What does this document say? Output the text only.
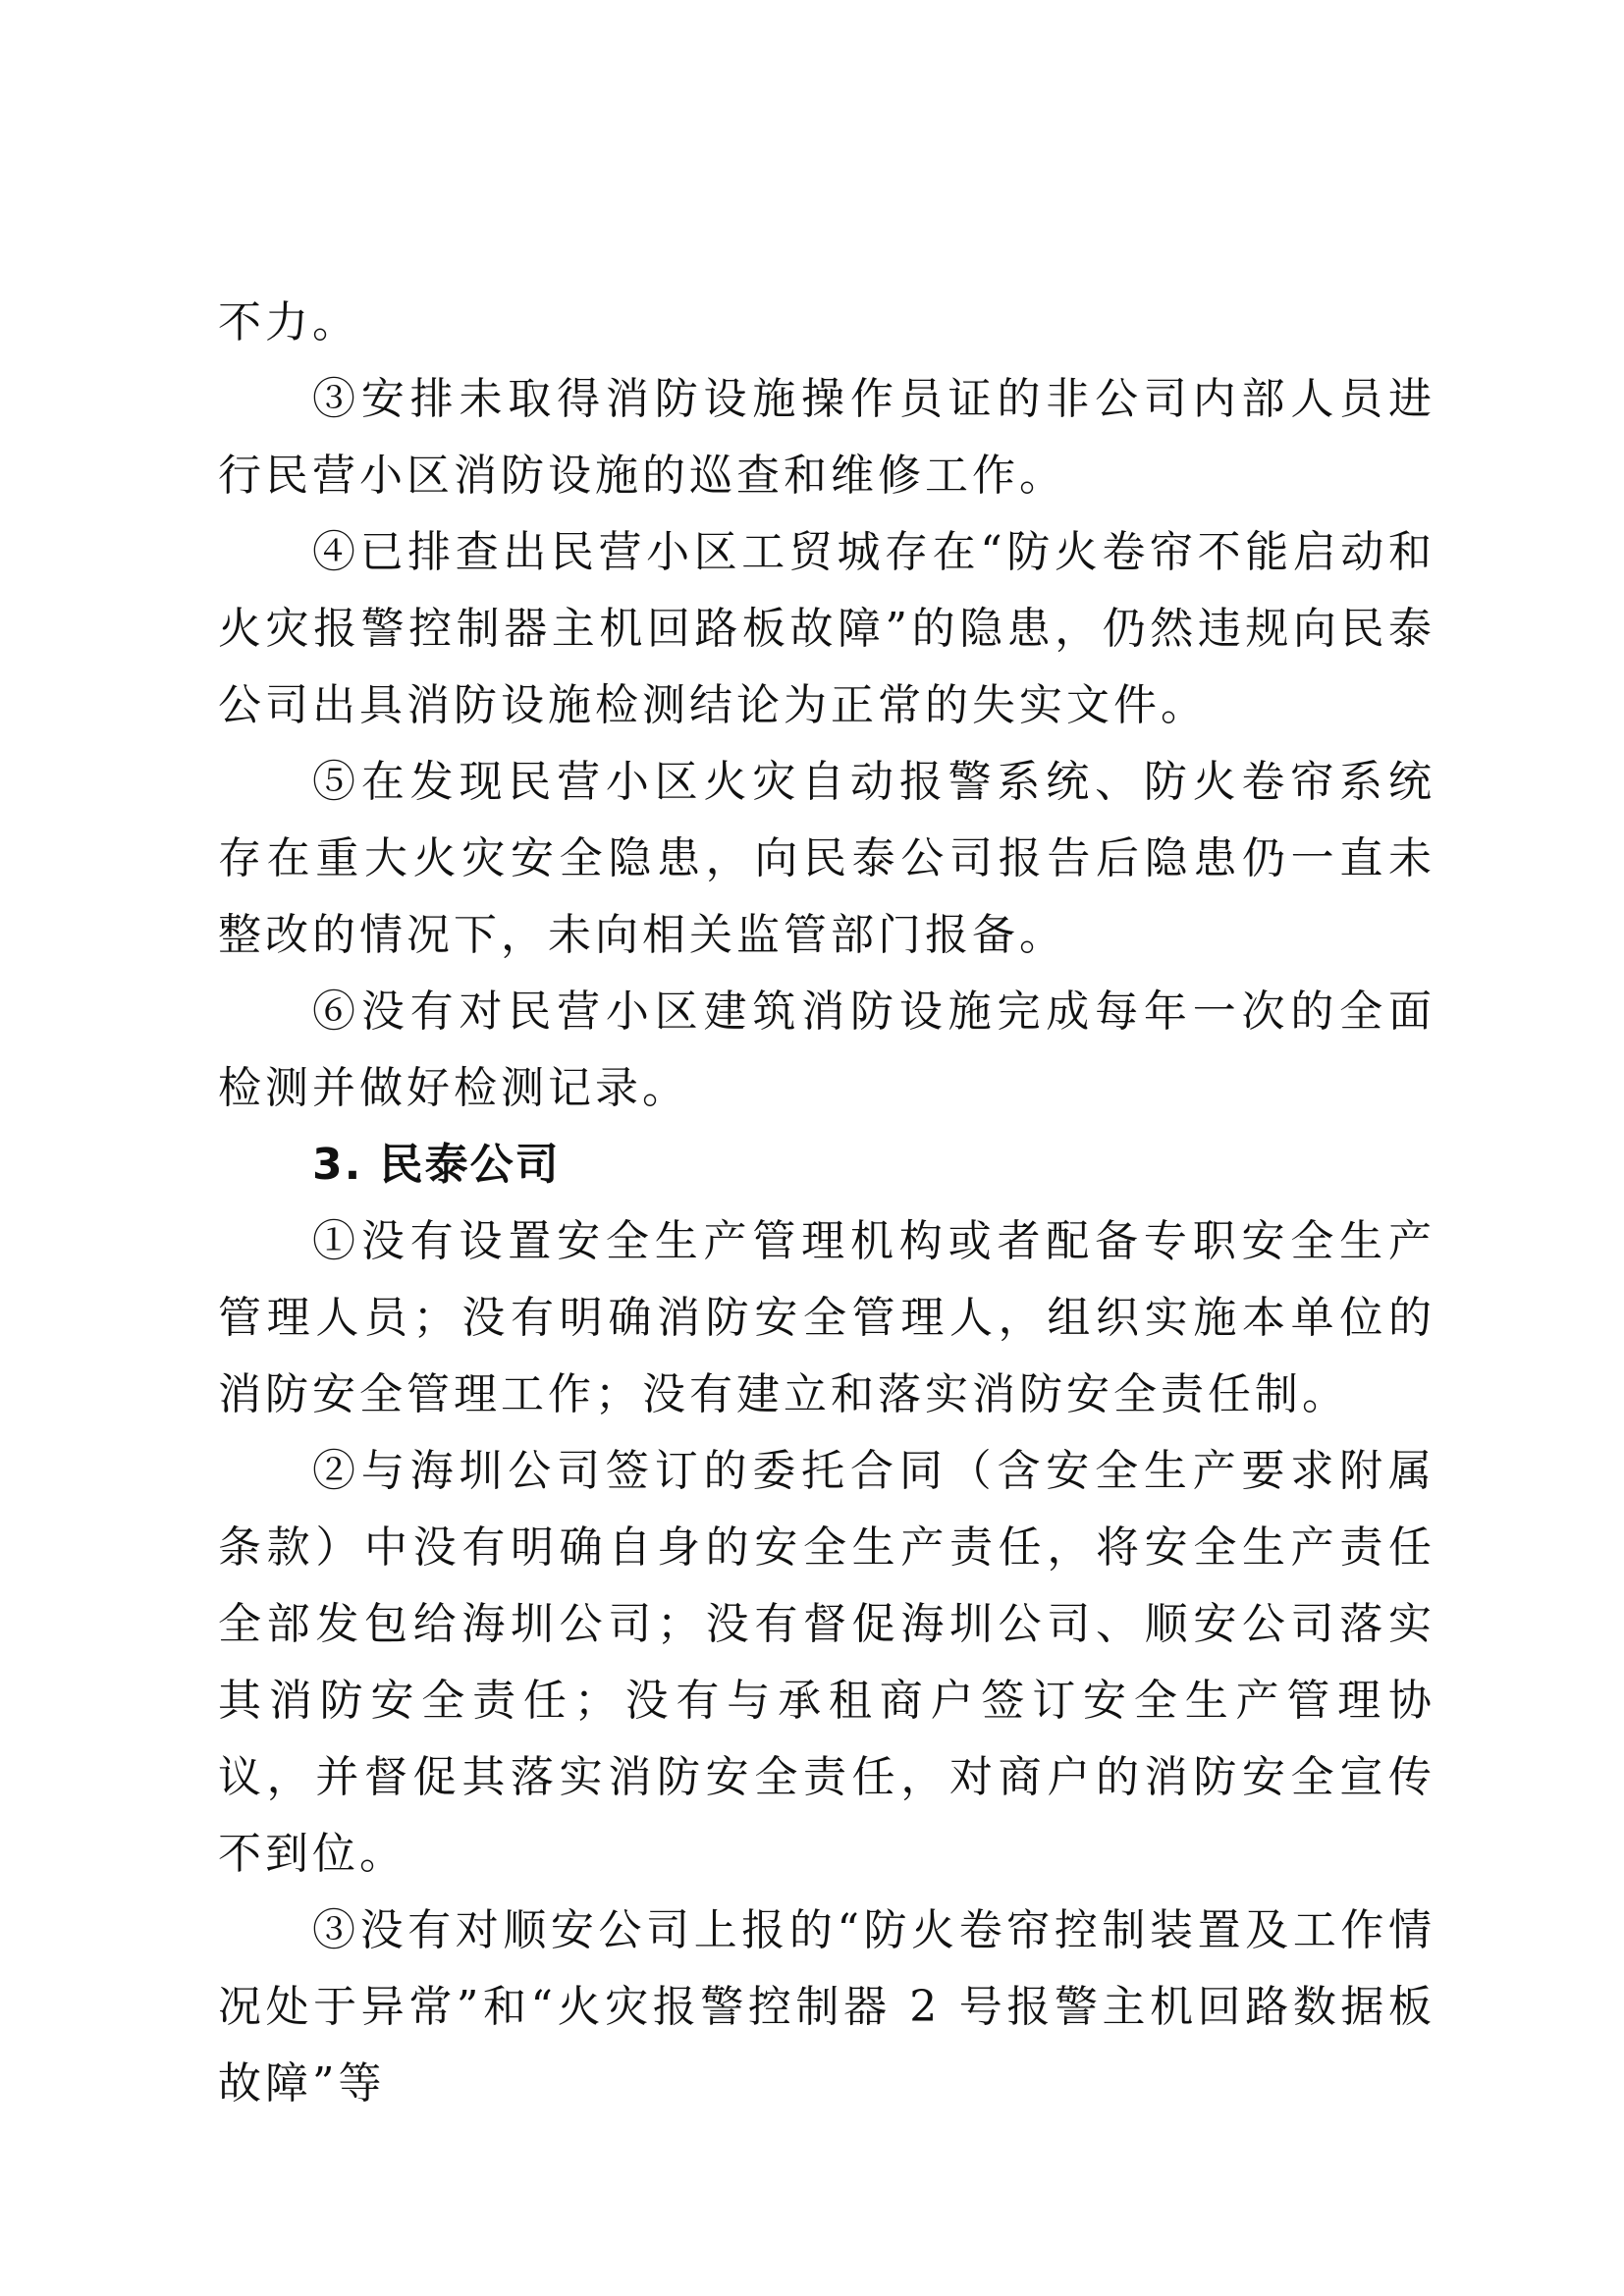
不力。

③安排未取得消防设施操作员证的非公司内部人员进行民营小区消防设施的巡查和维修工作。

④已排查出民营小区工贸城存在“防火卷帘不能启动和火灾报警控制器主机回路板故障”的隐患，仍然违规向民泰公司出具消防设施检测结论为正常的失实文件。

⑤在发现民营小区火灾自动报警系统、防火卷帘系统存在重大火灾安全隐患，向民泰公司报告后隐患仍一直未整改的情况下，未向相关监管部门报备。

⑥没有对民营小区建筑消防设施完成每年一次的全面检测并做好检测记录。

3. 民泰公司

①没有设置安全生产管理机构或者配备专职安全生产管理人员；没有明确消防安全管理人，组织实施本单位的消防安全管理工作；没有建立和落实消防安全责任制。

②与海圳公司签订的委托合同（含安全生产要求附属条款）中没有明确自身的安全生产责任，将安全生产责任全部发包给海圳公司；没有督促海圳公司、顺安公司落实其消防安全责任；没有与承租商户签订安全生产管理协议，并督促其落实消防安全责任，对商户的消防安全宣传不到位。

③没有对顺安公司上报的“防火卷帘控制装置及工作情况处于异常”和“火灾报警控制器 2 号报警主机回路数据板故障”等
